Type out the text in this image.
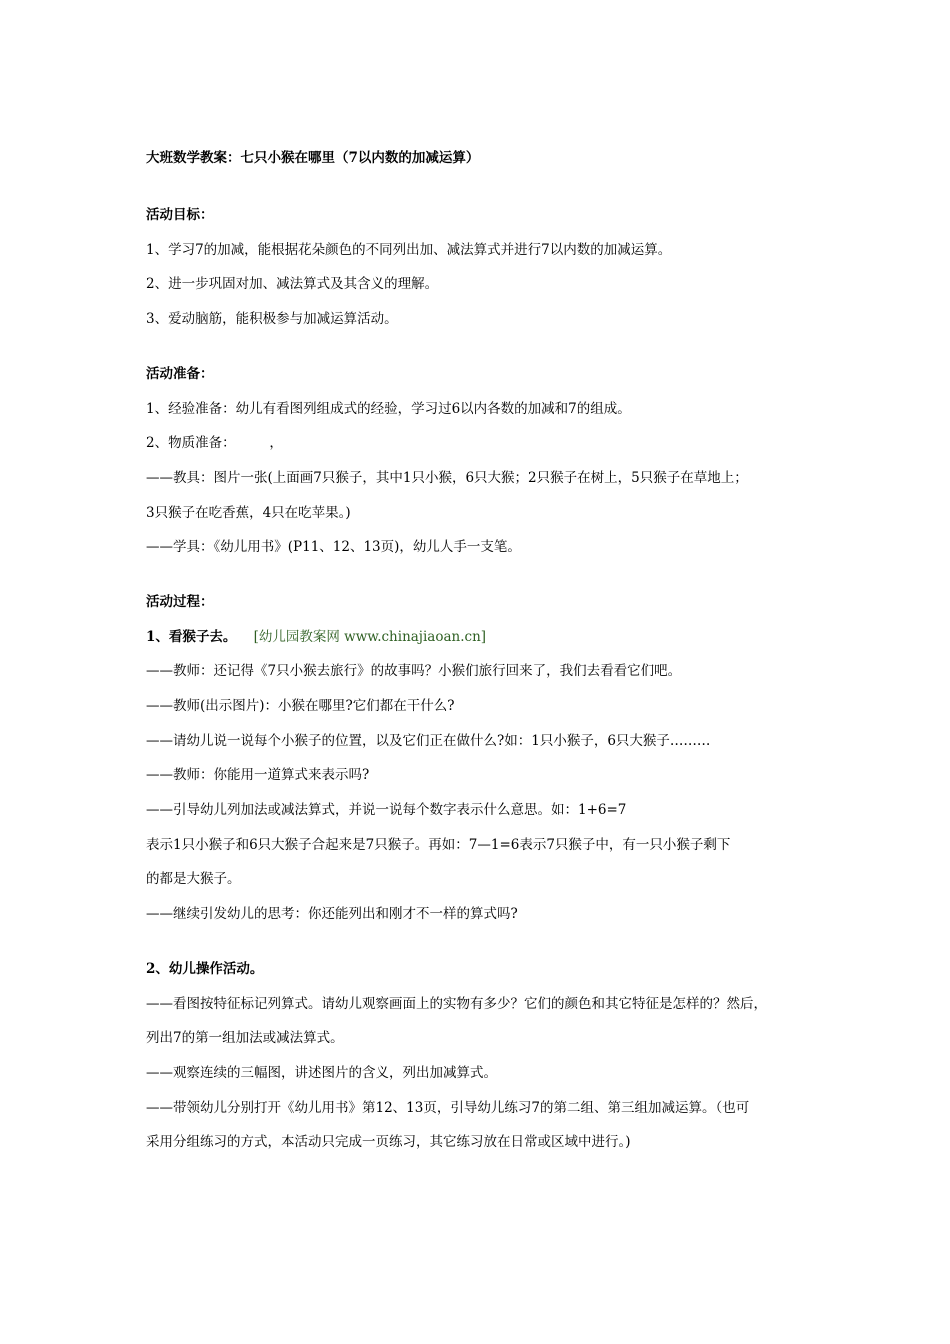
大班数学教案：七只小猴在哪里（7以内数的加减运算）
活动目标：
1、学习7的加减，能根据花朵颜色的不同列出加、减法算式并进行7以内数的加减运算。
2、进一步巩固对加、减法算式及其含义的理解。
3、爱动脑筋，能积极参与加减运算活动。
活动准备：
1、经验准备：幼儿有看图列组成式的经验，学习过6以内各数的加减和7的组成。
2、物质准备：　　　，
——教具：图片一张(上面画7只猴子，其中1只小猴，6只大猴；2只猴子在树上，5只猴子在草地上；
3只猴子在吃香蕉，4只在吃苹果。)
——学具：《幼儿用书》(P11、12、13页)，幼儿人手一支笔。
活动过程：
1、看猴子去。 [幼儿园教案网 www.chinajiaoan.cn]
——教师：还记得《7只小猴去旅行》的故事吗？小猴们旅行回来了，我们去看看它们吧。
——教师(出示图片)：小猴在哪里?它们都在干什么?
——请幼儿说一说每个小猴子的位置，以及它们正在做什么?如：1只小猴子，6只大猴子………
——教师：你能用一道算式来表示吗?
——引导幼儿列加法或减法算式，并说一说每个数字表示什么意思。如：1+6=7
表示1只小猴子和6只大猴子合起来是7只猴子。再如：7—1=6表示7只猴子中，有一只小猴子剩下
的都是大猴子。
——继续引发幼儿的思考：你还能列出和刚才不一样的算式吗?
2、幼儿操作活动。
——看图按特征标记列算式。请幼儿观察画面上的实物有多少？它们的颜色和其它特征是怎样的？然后，
列出7的第一组加法或减法算式。
——观察连续的三幅图，讲述图片的含义，列出加减算式。
——带领幼儿分别打开《幼儿用书》第12、13页，引导幼儿练习7的第二组、第三组加减运算。（也可
采用分组练习的方式，本活动只完成一页练习，其它练习放在日常或区域中进行。)
